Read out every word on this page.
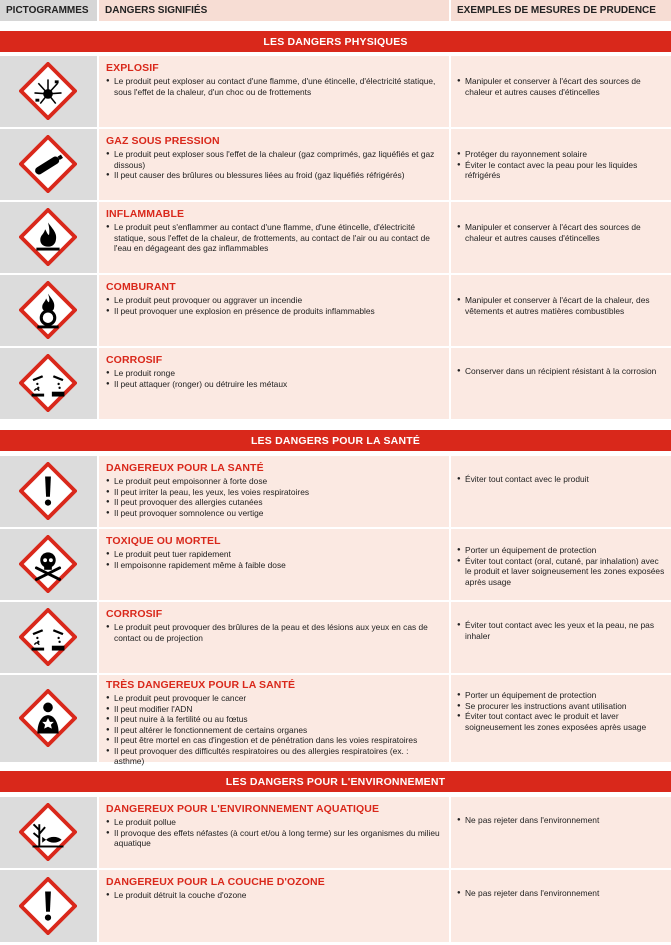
PICTOGRAMMES	DANGERS SIGNIFIÉS	EXEMPLES DE MESURES DE PRUDENCE
LES DANGERS PHYSIQUES
EXPLOSIF
● Le produit peut exploser au contact d'une flamme, d'une étincelle, d'électricité statique, sous l'effet de la chaleur, d'un choc ou de frottements
● Manipuler et conserver à l'écart des sources de chaleur et autres causes d'étincelles
GAZ SOUS PRESSION
● Le produit peut exploser sous l'effet de la chaleur (gaz comprimés, gaz liquéfiés et gaz dissous)
● Il peut causer des brûlures ou blessures liées au froid (gaz liquéfiés réfrigérés)
● Protéger du rayonnement solaire
● Éviter le contact avec la peau pour les liquides réfrigérés
INFLAMMABLE
● Le produit peut s'enflammer au contact d'une flamme, d'une étincelle, d'électricité statique, sous l'effet de la chaleur, de frottements, au contact de l'air ou au contact de l'eau en dégageant des gaz inflammables
● Manipuler et conserver à l'écart des sources de chaleur et autres causes d'étincelles
COMBURANT
● Le produit peut provoquer ou aggraver un incendie
● Il peut provoquer une explosion en présence de produits inflammables
● Manipuler et conserver à l'écart de la chaleur, des vêtements et autres matières combustibles
CORROSIF
● Le produit ronge
● Il peut attaquer (ronger) ou détruire les métaux
● Conserver dans un récipient résistant à la corrosion
LES DANGERS POUR LA SANTÉ
DANGEREUX POUR LA SANTÉ
● Le produit peut empoisonner à forte dose
● Il peut irriter la peau, les yeux, les voies respiratoires
● Il peut provoquer des allergies cutanées
● Il peut provoquer somnolence ou vertige
● Éviter tout contact avec le produit
TOXIQUE OU MORTEL
● Le produit peut tuer rapidement
● Il empoisonne rapidement même à faible dose
● Porter un équipement de protection
● Éviter tout contact (oral, cutané, par inhalation) avec le produit et laver soigneusement les zones exposées après usage
CORROSIF
● Le produit peut provoquer des brûlures de la peau et des lésions aux yeux en cas de contact ou de projection
● Éviter tout contact avec les yeux et la peau, ne pas inhaler
TRÈS DANGEREUX POUR LA SANTÉ
● Le produit peut provoquer le cancer
● Il peut modifier l'ADN
● Il peut nuire à la fertilité ou au fœtus
● Il peut altérer le fonctionnement de certains organes
● Il peut être mortel en cas d'ingestion et de pénétration dans les voies respiratoires
● Il peut provoquer des difficultés respiratoires ou des allergies respiratoires (ex. : asthme)
● Porter un équipement de protection
● Se procurer les instructions avant utilisation
● Éviter tout contact avec le produit et laver soigneusement les zones exposées après usage
LES DANGERS POUR L'ENVIRONNEMENT
DANGEREUX POUR L'ENVIRONNEMENT AQUATIQUE
● Le produit pollue
● Il provoque des effets néfastes (à court et/ou à long terme) sur les organismes du milieu aquatique
● Ne pas rejeter dans l'environnement
DANGEREUX POUR LA COUCHE D'OZONE
● Le produit détruit la couche d'ozone
●	Ne pas rejeter dans l'environnement
